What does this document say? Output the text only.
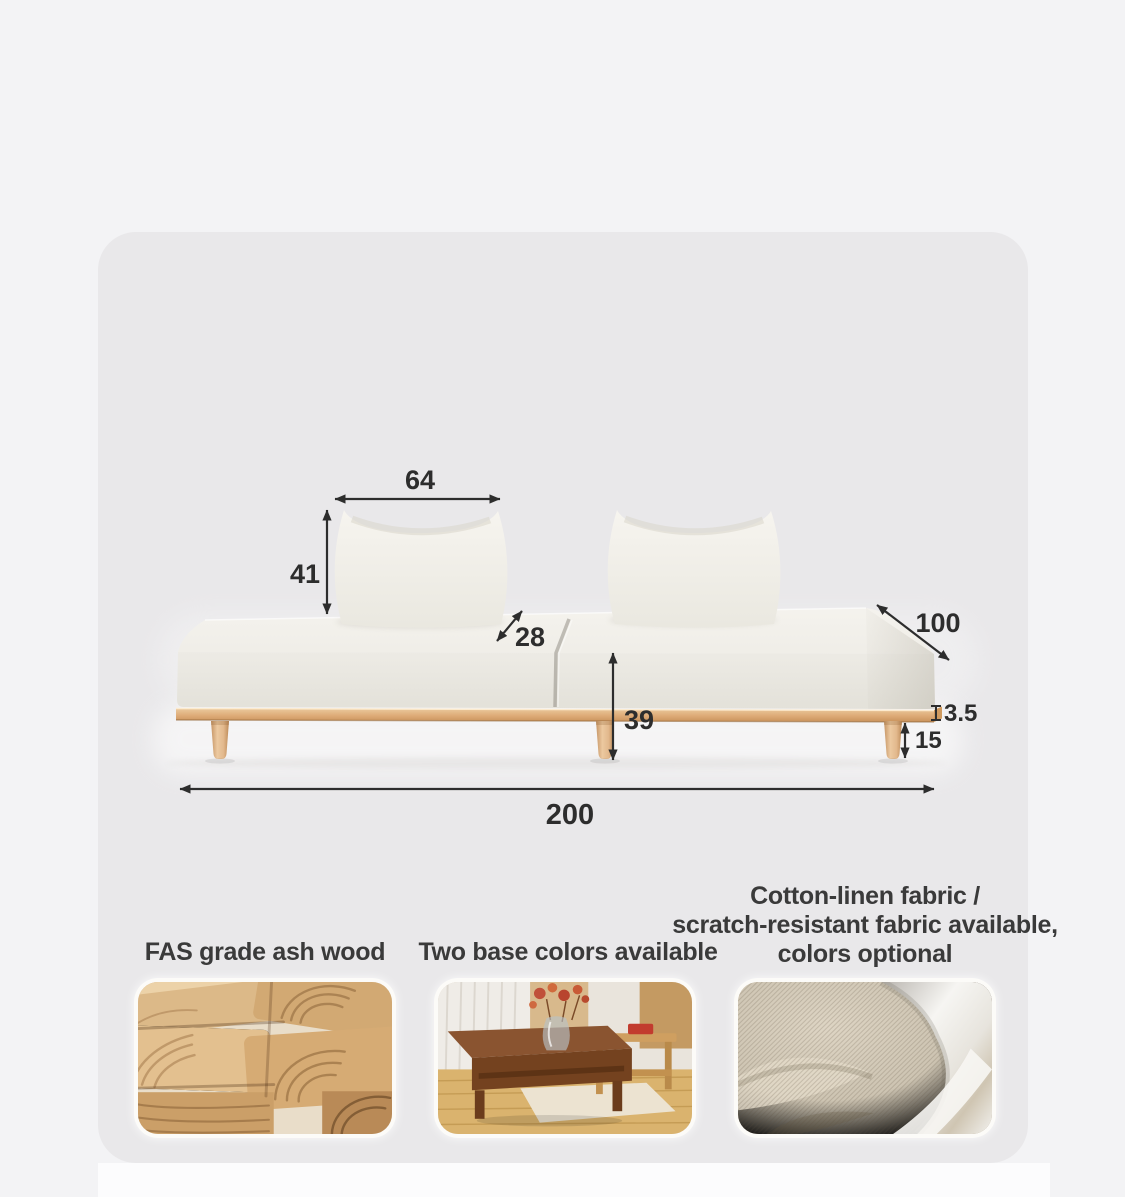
64
41
28	100
39	3.5
15
200
FAS grade ash wood	Two base colors available
Cotton-linen fabric /
scratch-resistant fabric available,
colors optional
